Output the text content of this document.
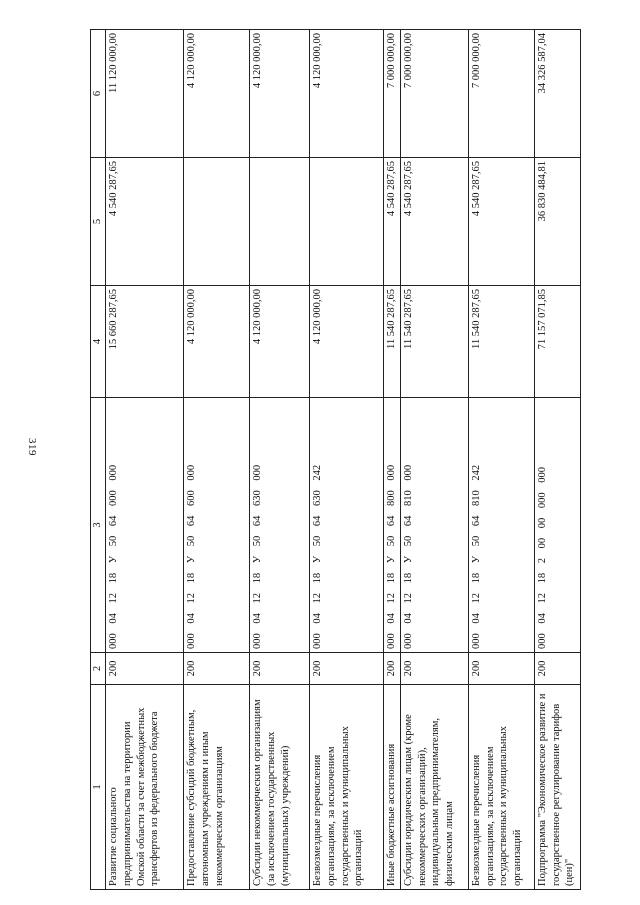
319
1	2	3	4	5	6
Развитие социального предпринимательства на территории Омской области за счет межбюджетных трансфертов из федерального бюджета	200	000 04 12 18 У 50 64 000 000	15 660 287,65	4 540 287,65	11 120 000,00
Предоставление субсидий бюджетным, автономным учреждениям и иным некоммерческим организациям	200	000 04 12 18 У 50 64 600 000	4 120 000,00		4 120 000,00
Субсидии некоммерческим организациям (за исключением государственных (муниципальных) учреждений)	200	000 04 12 18 У 50 64 630 000	4 120 000,00		4 120 000,00
Безвозмездные перечисления организациям, за исключением государственных и муниципальных организаций	200	000 04 12 18 У 50 64 630 242	4 120 000,00		4 120 000,00
Иные бюджетные ассигнования	200	000 04 12 18 У 50 64 800 000	11 540 287,65	4 540 287,65	7 000 000,00
Субсидии юридическим лицам (кроме некоммерческих организаций), индивидуальным предпринимателям, физическим лицам	200	000 04 12 18 У 50 64 810 000	11 540 287,65	4 540 287,65	7 000 000,00
Безвозмездные перечисления организациям, за исключением государственных и муниципальных организаций	200	000 04 12 18 У 50 64 810 242	11 540 287,65	4 540 287,65	7 000 000,00
Подпрограмма "Экономическое развитие и государственное регулирование тарифов (цен)"	200	000 04 12 18 2 00 00 000 000	71 157 071,85	36 830 484,81	34 326 587,04
